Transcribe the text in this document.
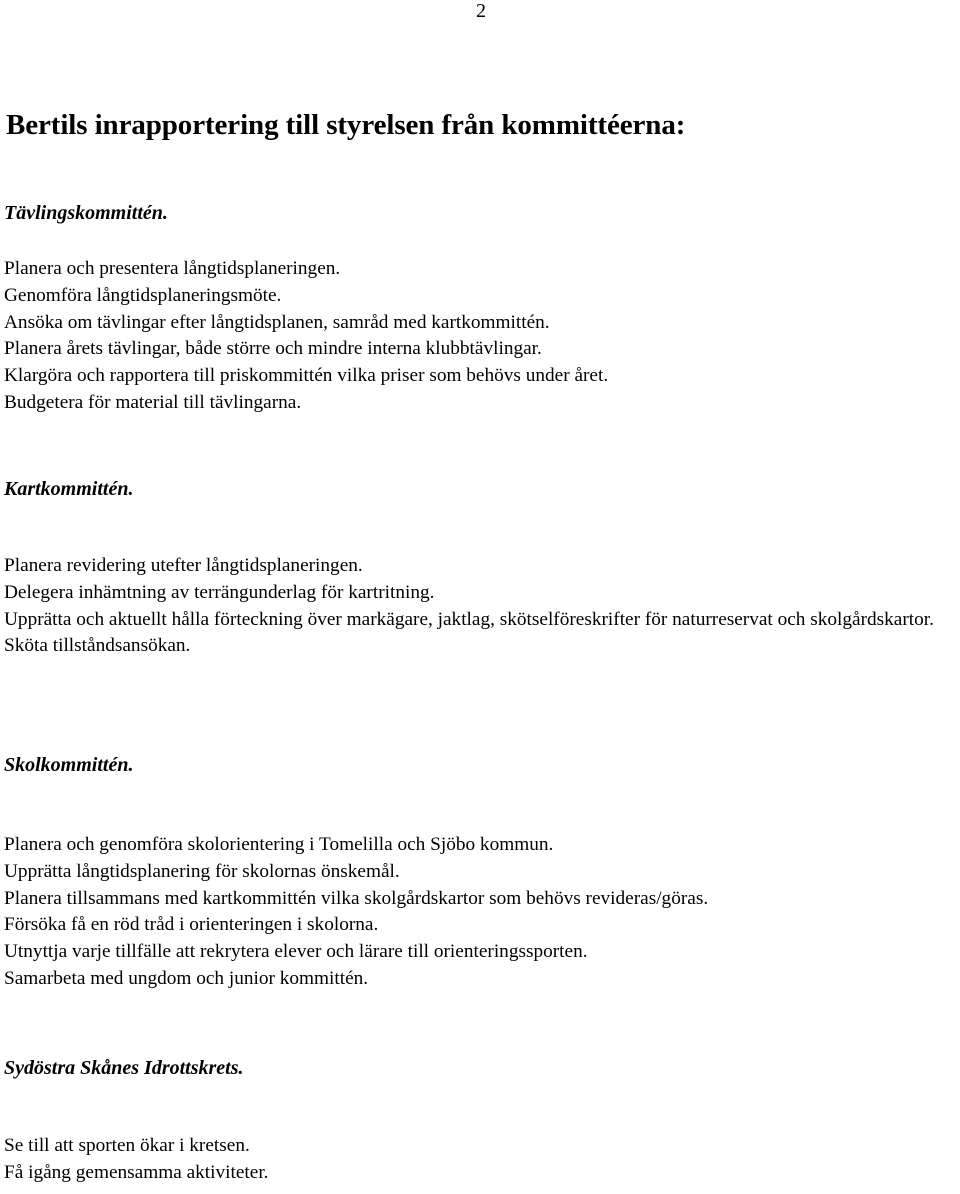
2
Bertils inrapportering till styrelsen från kommittéerna:
Tävlingskommittén.
Planera och presentera långtidsplaneringen.
Genomföra långtidsplaneringsmöte.
Ansöka om tävlingar efter långtidsplanen, samråd med kartkommittén.
Planera årets tävlingar, både större och mindre interna klubbtävlingar.
Klargöra och rapportera till priskommittén vilka priser som behövs under året.
Budgetera för material till tävlingarna.
Kartkommittén.
Planera revidering utefter långtidsplaneringen.
Delegera inhämtning av terrängunderlag för kartritning.
Upprätta och aktuellt hålla förteckning över markägare, jaktlag, skötselföreskrifter för naturreservat och skolgårdskartor.
Sköta tillståndsansökan.
Skolkommittén.
Planera och genomföra skolorientering i Tomelilla och Sjöbo kommun.
Upprätta långtidsplanering för skolornas önskemål.
Planera tillsammans med kartkommittén vilka skolgårdskartor som behövs revideras/göras.
Försöka få en röd tråd i orienteringen i skolorna.
Utnyttja varje tillfälle att rekrytera elever och lärare till orienteringssporten.
Samarbeta med ungdom och junior kommittén.
Sydöstra Skånes Idrottskrets.
Se till att sporten ökar i kretsen.
Få igång gemensamma aktiviteter.
